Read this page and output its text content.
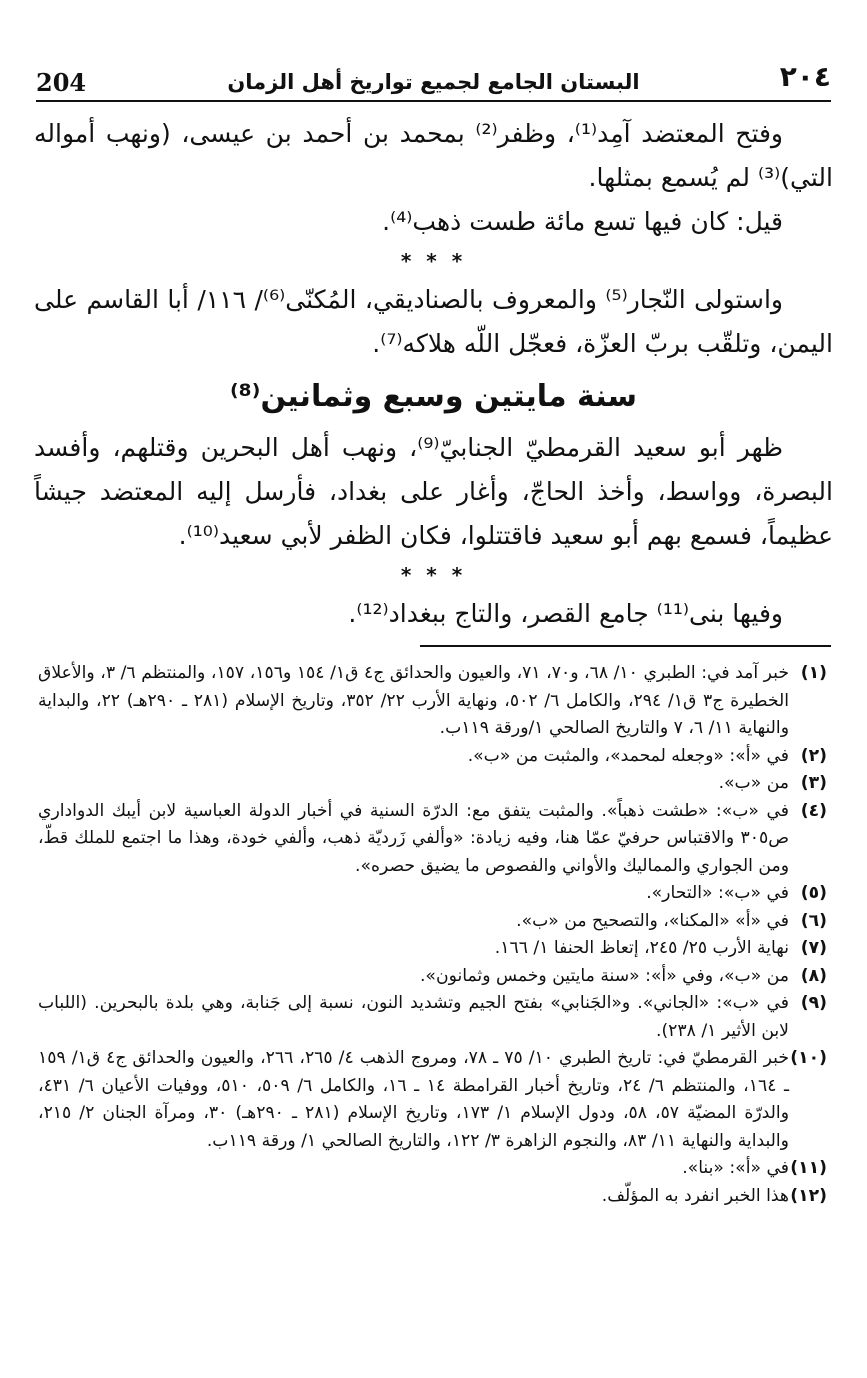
204	البستان الجامع لجميع تواريخ أهل الزمان	٢٠٤

وفتح المعتضد آمِد⁽¹⁾، وظفر⁽²⁾ بمحمد بن أحمد بن عيسى، (ونهب أمواله التي)⁽³⁾ لم يُسمع بمثلها.

قيل: كان فيها تسع مائة طست ذهب⁽⁴⁾.

* * *

واستولى النّجار⁽⁵⁾ والمعروف بالصناديقي، المُكنّى⁽⁶⁾/ ١١٦/ أبا القاسم على اليمن، وتلقّب بربّ العزّة، فعجّل اللّه هلاكه⁽⁷⁾.

سنة مايتين وسبع وثمانين⁽⁸⁾

ظهر أبو سعيد القرمطيّ الجنابيّ⁽⁹⁾، ونهب أهل البحرين وقتلهم، وأفسد البصرة، وواسط، وأخذ الحاجّ، وأغار على بغداد، فأرسل إليه المعتضد جيشاً عظيماً، فسمع بهم أبو سعيد فاقتتلوا، فكان الظفر لأبي سعيد⁽¹⁰⁾.

* * *

وفيها بنى⁽¹¹⁾ جامع القصر، والتاج ببغداد⁽¹²⁾.

(١)
خبر آمد في: الطبري ١٠/ ٦٨، و٧٠، ٧١، والعيون والحدائق ج٤ ق١/ ١٥٤ و١٥٦، ١٥٧، والمنتظم ٦/ ٣، والأعلاق الخطيرة ج٣ ق١/ ٢٩٤، والكامل ٦/ ٥٠٢، ونهاية الأرب ٢٢/ ٣٥٢، وتاريخ الإسلام (٢٨١ ـ ٢٩٠هـ) ٢٢، والبداية والنهاية ١١/ ٦، ٧ والتاريخ الصالحي ١/ورقة ١١٩ب.

(٢)
في «أ»: «وجعله لمحمد»، والمثبت من «ب».

(٣)
من «ب».

(٤)
في «ب»: «طشت ذهباً». والمثبت يتفق مع: الدرّة السنية في أخبار الدولة العباسية لابن أيبك الدواداري ص٣٠٥ والاقتباس حرفيّ عمّا هنا، وفيه زيادة: «وألفي زَرديّة ذهب، وألفي خودة، وهذا ما اجتمع للملك قطّ، ومن الجواري والمماليك والأواني والفصوص ما يضيق حصره».

(٥)
في «ب»: «التحار».

(٦)
في «أ» «المكنا»، والتصحيح من «ب».

(٧)
نهاية الأرب ٢٥/ ٢٤٥، إتعاظ الحنفا ١/ ١٦٦.

(٨)
من «ب»، وفي «أ»: «سنة مايتين وخمس وثمانون».

(٩)
في «ب»: «الجاني». و«الجَنابي» بفتح الجيم وتشديد النون، نسبة إلى جَنابة، وهي بلدة بالبحرين. (اللباب لابن الأثير ١/ ٢٣٨).

(١٠)
خبر القرمطيّ في: تاريخ الطبري ١٠/ ٧٥ ـ ٧٨، ومروج الذهب ٤/ ٢٦٥، ٢٦٦، والعيون والحدائق ج٤ ق١/ ١٥٩ ـ ١٦٤، والمنتظم ٦/ ٢٤، وتاريخ أخبار القرامطة ١٤ ـ ١٦، والكامل ٦/ ٥٠٩، ٥١٠، ووفيات الأعيان ٦/ ٤٣١، والدرّة المضيّة ٥٧، ٥٨، ودول الإسلام ١/ ١٧٣، وتاريخ الإسلام (٢٨١ ـ ٢٩٠هـ) ٣٠، ومرآة الجنان ٢/ ٢١٥، والبداية والنهاية ١١/ ٨٣، والنجوم الزاهرة ٣/ ١٢٢، والتاريخ الصالحي ١/ ورقة ١١٩ب.

(١١)
في «أ»: «بنا».

(١٢)
هذا الخبر انفرد به المؤلّف.
